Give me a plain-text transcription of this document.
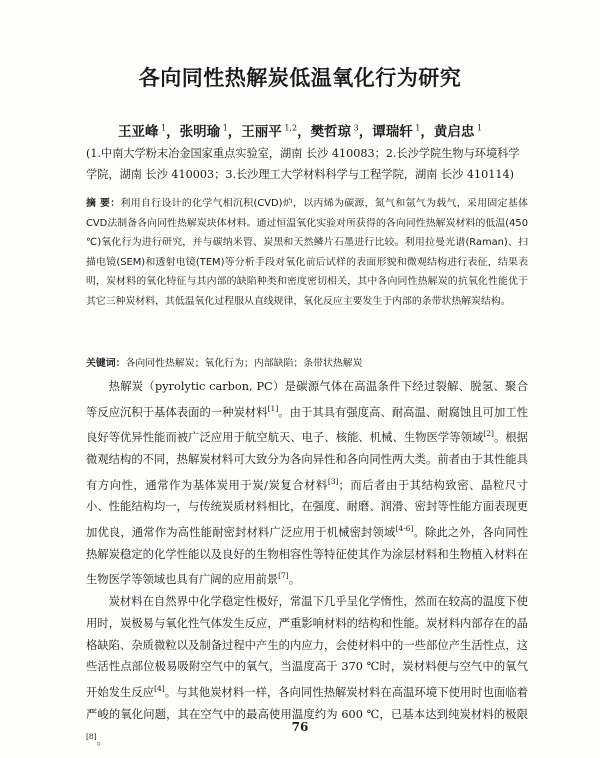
各向同性热解炭低温氧化行为研究
王亚峰 $^1$，张明瑜 $^1$，王丽平 $^{1,2}$，樊哲琼 $^3$，谭瑞轩 $^1$，黄启忠 $^1$
(1.中南大学粉末冶金国家重点实验室，湖南 长沙 410083；2.长沙学院生物与环境科学学院，湖南 长沙 410003；3.长沙理工大学材料科学与工程学院，湖南 长沙 410114)
摘 要：利用自行设计的化学气相沉积(CVD)炉，以丙烯为碳源，氮气和氩气为载气，采用固定基体CVD法制备各向同性热解炭块体材料。通过恒温氧化实验对所获得的各向同性热解炭材料的低温(450 ℃)氧化行为进行研究，并与碳纳米管、炭黑和天然鳞片石墨进行比较。利用拉曼光谱(Raman)、扫描电镜(SEM)和透射电镜(TEM)等分析手段对氧化前后试样的表面形貌和微观结构进行表征，结果表明，炭材料的氧化特征与其内部的缺陷种类和密度密切相关，其中各向同性热解炭的抗氧化性能优于其它三种炭材料，其低温氧化过程服从直线规律，氧化反应主要发生于内部的条带状热解炭结构。
关键词：各向同性热解炭；氧化行为；内部缺陷；条带状热解炭

热解炭（pyrolytic carbon, PC）是碳源气体在高温条件下经过裂解、脱氢、聚合等反应沉积于基体表面的一种炭材料[1]。由于其具有强度高、耐高温、耐腐蚀且可加工性良好等优异性能而被广泛应用于航空航天、电子、核能、机械、生物医学等领域[2]。根据微观结构的不同，热解炭材料可大致分为各向异性和各向同性两大类。前者由于其性能具有方向性，通常作为基体炭用于炭/炭复合材料[3]；而后者由于其结构致密、晶粒尺寸小、性能结构均一，与传统炭质材料相比，在强度、耐磨、润滑、密封等性能方面表现更加优良，通常作为高性能耐密封材料广泛应用于机械密封领域[4-6]。除此之外，各向同性热解炭稳定的化学性能以及良好的生物相容性等特征使其作为涂层材料和生物植入材料在生物医学等领域也具有广阔的应用前景[7]。

炭材料在自然界中化学稳定性极好，常温下几乎呈化学惰性，然而在较高的温度下使用时，炭极易与氧化性气体发生反应，严重影响材料的结构和性能。炭材料内部存在的晶格缺陷、杂质微粒以及制备过程中产生的内应力，会使材料中的一些部位产生活性点，这些活性点部位极易吸附空气中的氧气，当温度高于 370 ℃时，炭材料便与空气中的氧气开始发生反应[4]。与其他炭材料一样，各向同性热解炭材料在高温环境下使用时也面临着严峻的氧化问题，其在空气中的最高使用温度约为 600 ℃，已基本达到纯炭材料的极限[8]。

76
